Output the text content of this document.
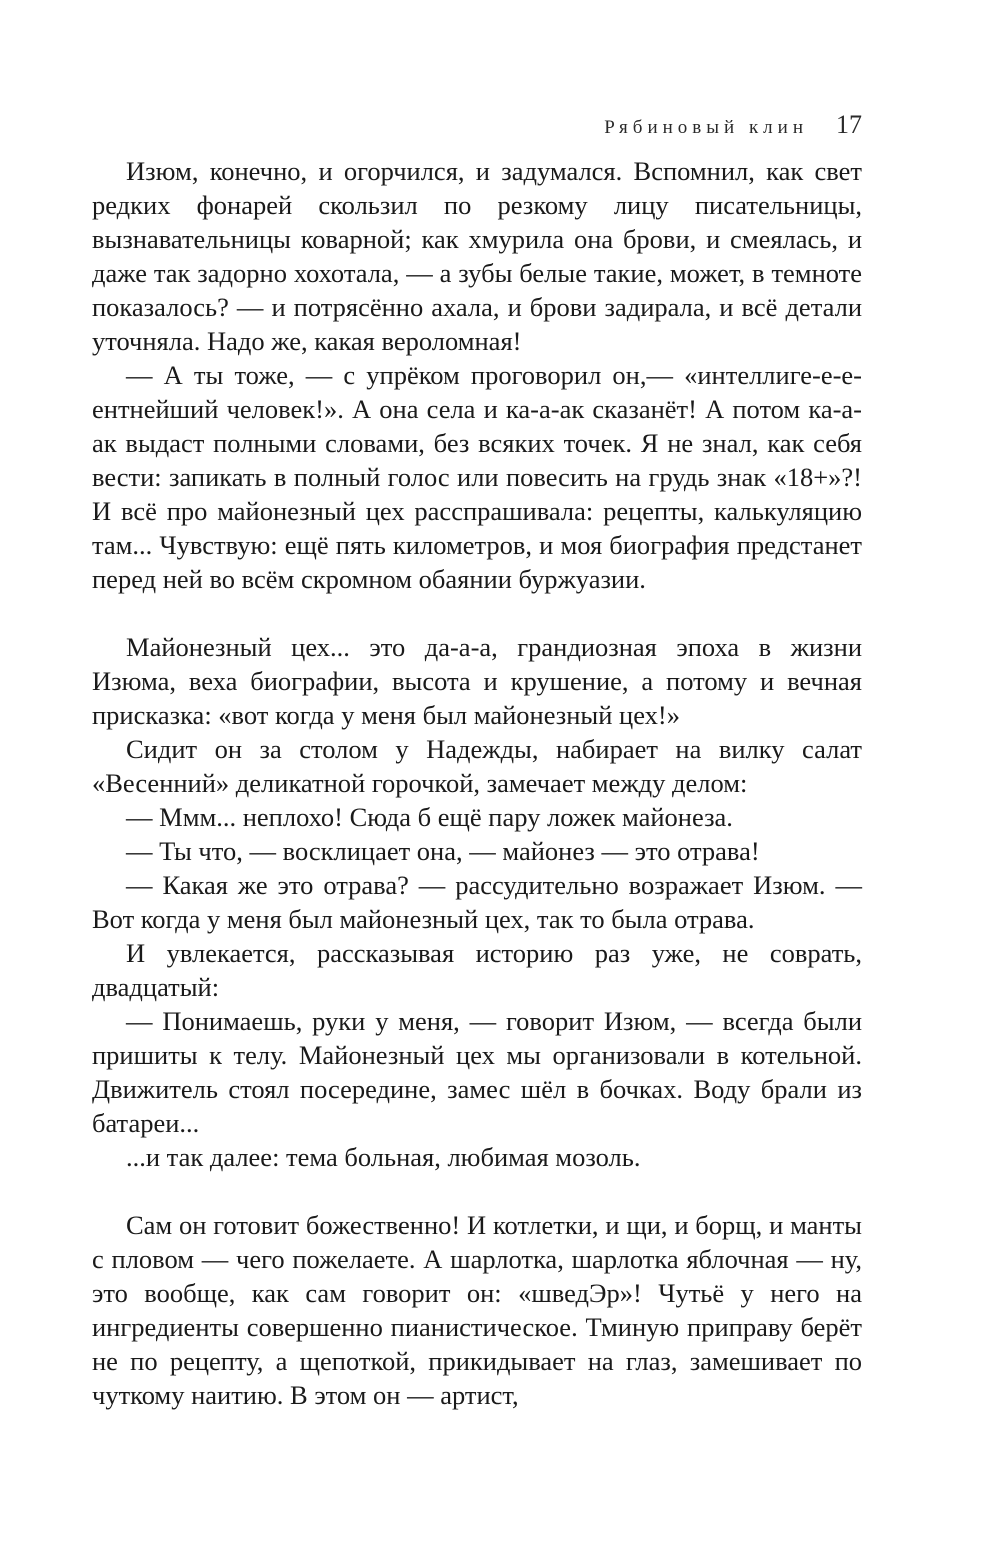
Рябиновый клин 17

Изюм, конечно, и огорчился, и задумался. Вспомнил, как свет редких фонарей скользил по резкому лицу писательницы, вызнавательницы коварной; как хмурила она брови, и смеялась, и даже так задорно хохотала, — а зубы белые такие, может, в темноте показалось? — и потрясённо ахала, и брови задирала, и всё детали уточняла. Надо же, какая вероломная!

— А ты тоже, — с упрёком проговорил он,— «интеллиге-е-е-ентнейший человек!». А она села и ка-а-ак сказанёт! А потом ка-а-ак выдаст полными словами, без всяких точек. Я не знал, как себя вести: запикать в полный голос или повесить на грудь знак «18+»?! И всё про майонезный цех расспрашивала: рецепты, калькуляцию там... Чувствую: ещё пять километров, и моя биография предстанет перед ней во всём скромном обаянии буржуазии.

Майонезный цех... это да-а-а, грандиозная эпоха в жизни Изюма, веха биографии, высота и крушение, а потому и вечная присказка: «вот когда у меня был майонезный цех!»

Сидит он за столом у Надежды, набирает на вилку салат «Весенний» деликатной горочкой, замечает между делом:

— Ммм... неплохо! Сюда б ещё пару ложек майонеза.

— Ты что, — восклицает она, — майонез — это отрава!

— Какая же это отрава? — рассудительно возражает Изюм. — Вот когда у меня был майонезный цех, так то была отрава.

И увлекается, рассказывая историю раз уже, не соврать, двадцатый:

— Понимаешь, руки у меня, — говорит Изюм, — всегда были пришиты к телу. Майонезный цех мы организовали в котельной. Движитель стоял посередине, замес шёл в бочках. Воду брали из батареи...

...и так далее: тема больная, любимая мозоль.

Сам он готовит божественно! И котлетки, и щи, и борщ, и манты с пловом — чего пожелаете. А шарлотка, шарлотка яблочная — ну, это вообще, как сам говорит он: «шведЭр»! Чутьё у него на ингредиенты совершенно пианистическое. Тминую приправу берёт не по рецепту, а щепоткой, прикидывает на глаз, замешивает по чуткому наитию. В этом он — артист,
